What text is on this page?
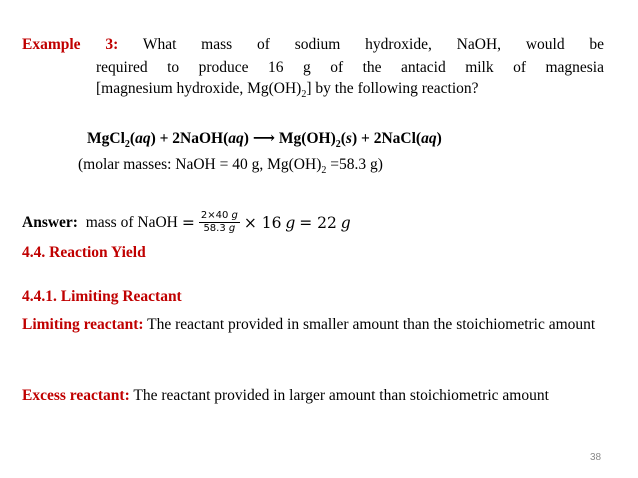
Example 3: What mass of sodium hydroxide, NaOH, would be
required to produce 16 g of the antacid milk of magnesia
[magnesium hydroxide, $Mg(OH)_2$] by the following reaction?
MgCl$_2$(aq) + 2NaOH(aq) ⟶ $Mg(OH)_2(s)$ + 2NaCl(aq)
(molar masses: NaOH = 40 g, $Mg(OH)_2 =58.3$ g)
Answer:
mass of NaOH = $\frac{2\times 40 g}{58.3 g} \times 16$
g
= 22
g
4.4. Reaction Yield
4.4.1. Limiting Reactant
Limiting reactant: The reactant provided in smaller amount than the stoichiometric amount
Excess reactant: The reactant provided in larger amount than stoichiometric amount
38
